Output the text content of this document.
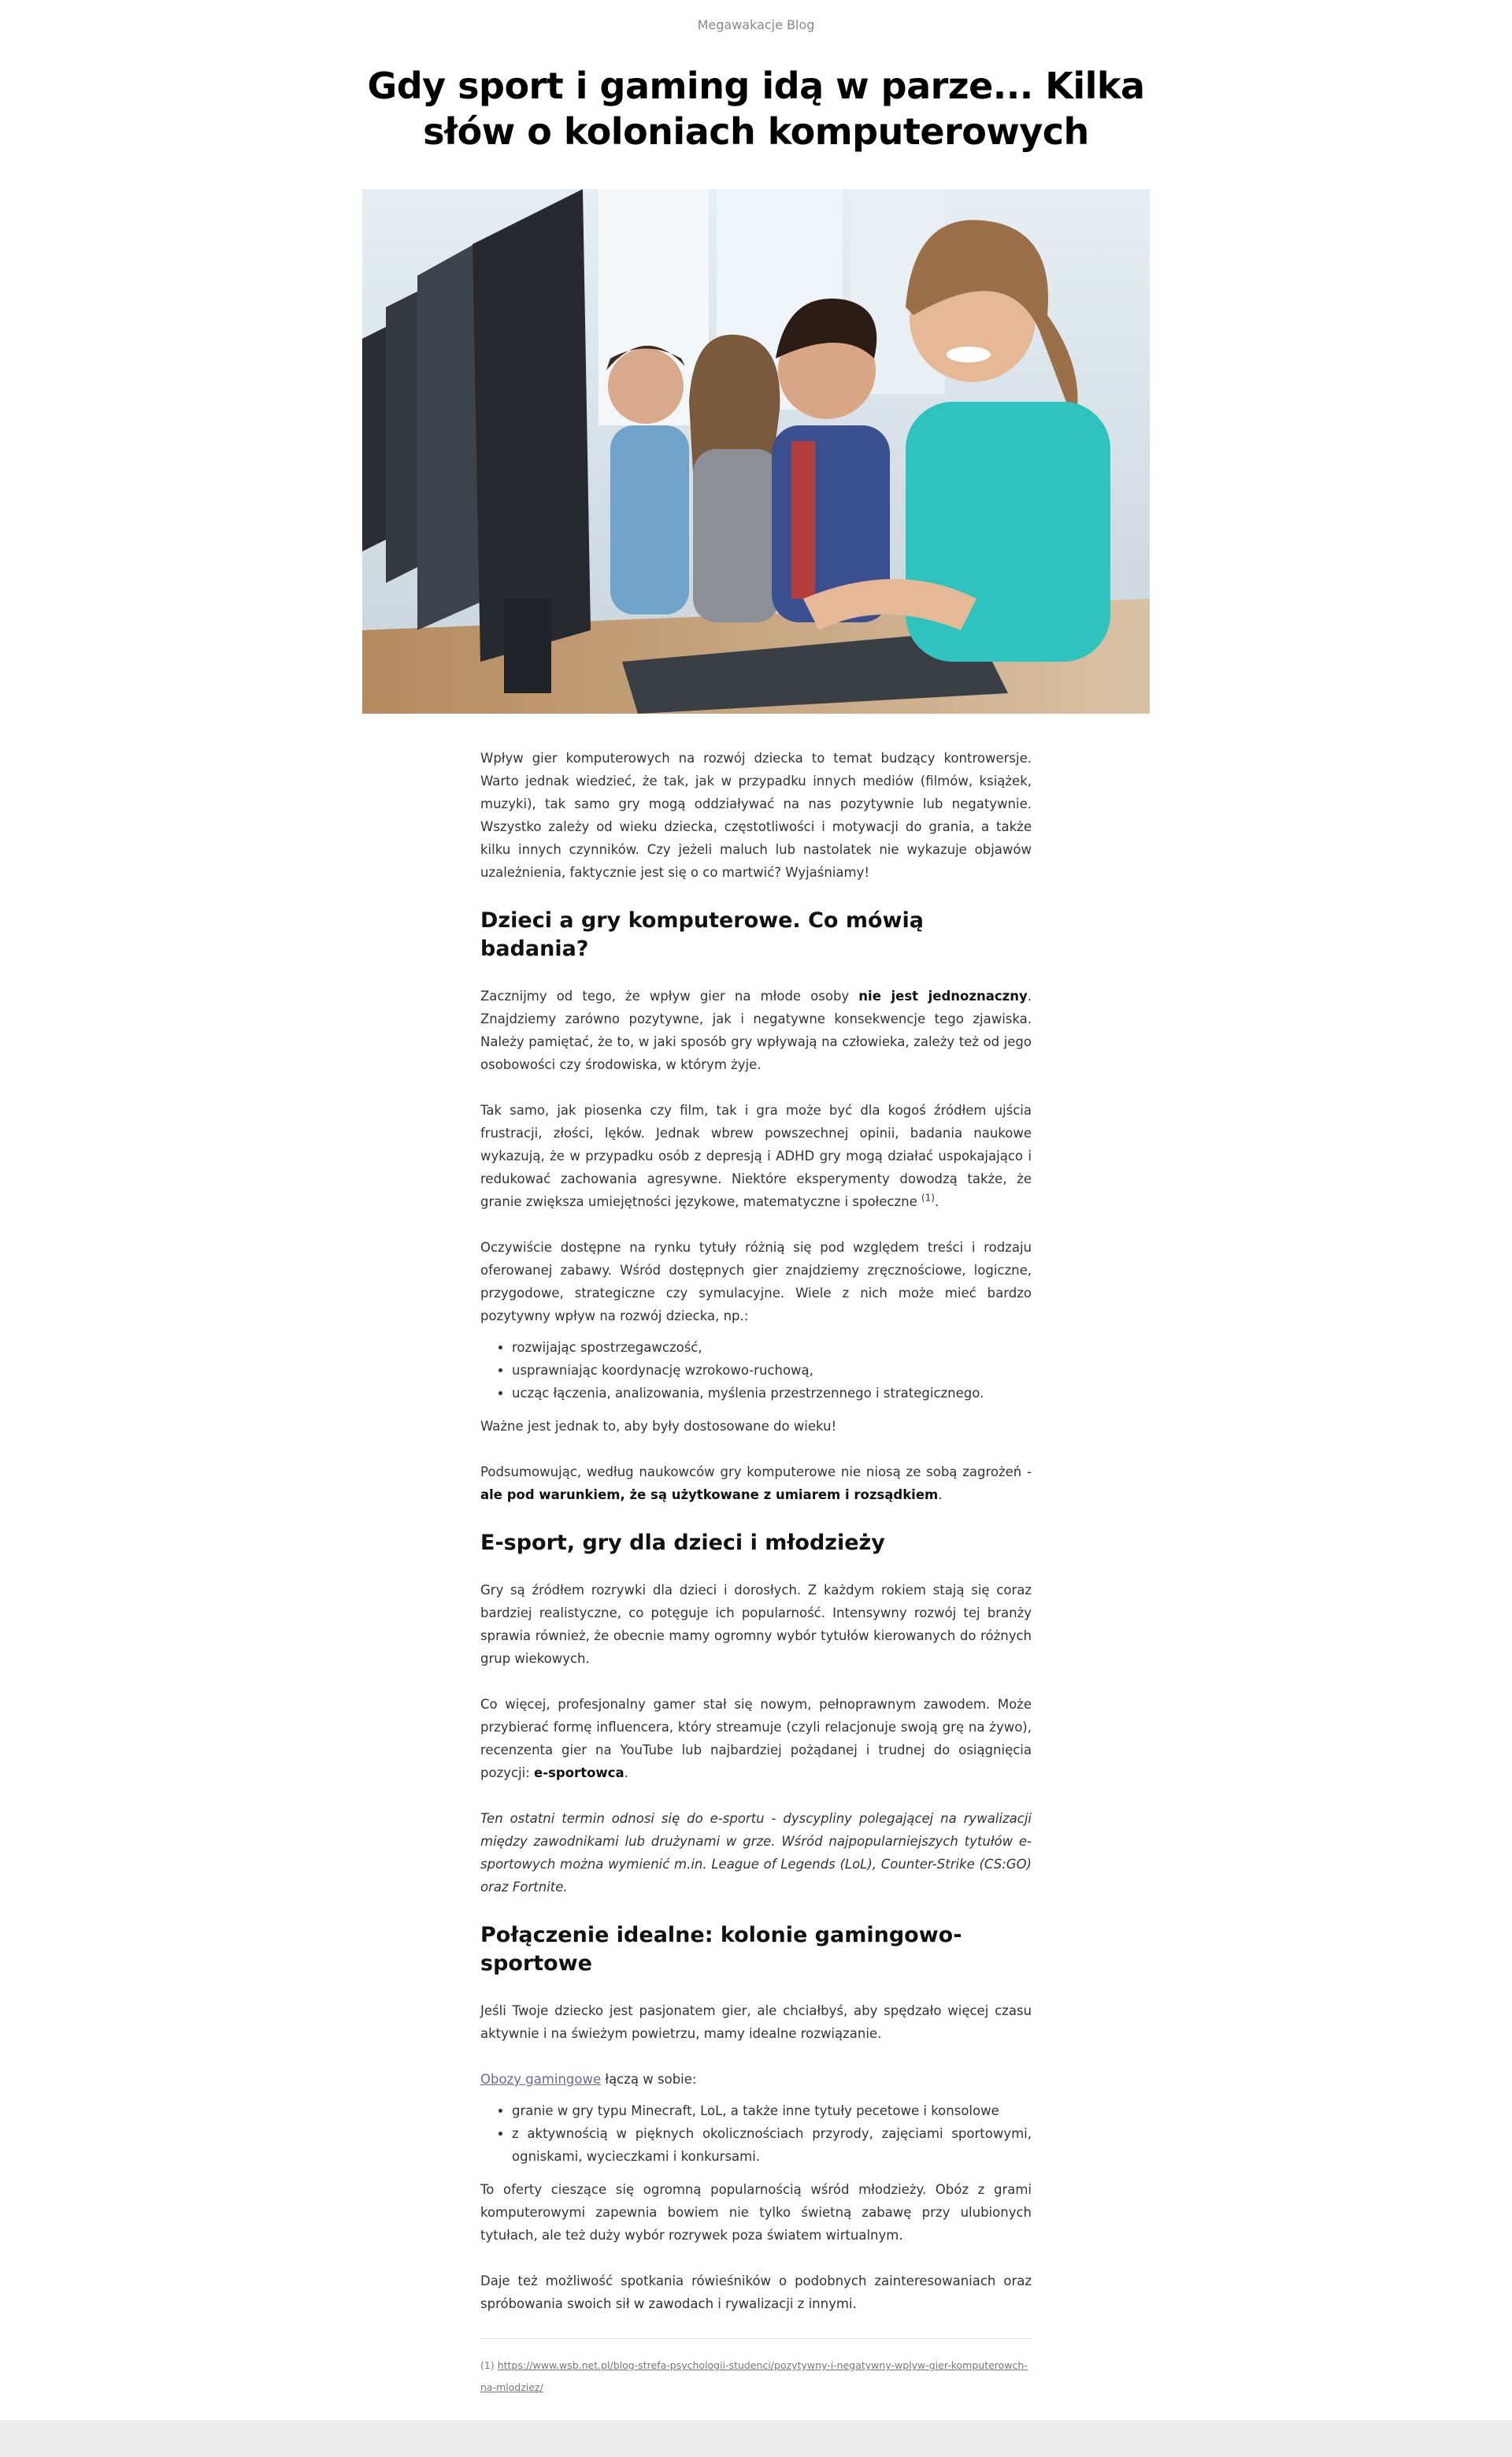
Megawakacje Blog
Gdy sport i gaming idą w parze... Kilka słów o koloniach komputerowych

Wpływ gier komputerowych na rozwój dziecka to temat budzący kontrowersje. Warto jednak wiedzieć, że tak, jak w przypadku innych mediów (filmów, książek, muzyki), tak samo gry mogą oddziaływać na nas pozytywnie lub negatywnie. Wszystko zależy od wieku dziecka, częstotliwości i motywacji do grania, a także kilku innych czynników. Czy jeżeli maluch lub nastolatek nie wykazuje objawów uzależnienia, faktycznie jest się o co martwić? Wyjaśniamy!

Dzieci a gry komputerowe. Co mówią badania?

Zacznijmy od tego, że wpływ gier na młode osoby nie jest jednoznaczny. Znajdziemy zarówno pozytywne, jak i negatywne konsekwencje tego zjawiska. Należy pamiętać, że to, w jaki sposób gry wpływają na człowieka, zależy też od jego osobowości czy środowiska, w którym żyje.

Tak samo, jak piosenka czy film, tak i gra może być dla kogoś źródłem ujścia frustracji, złości, lęków. Jednak wbrew powszechnej opinii, badania naukowe wykazują, że w przypadku osób z depresją i ADHD gry mogą działać uspokajająco i redukować zachowania agresywne. Niektóre eksperymenty dowodzą także, że granie zwiększa umiejętności językowe, matematyczne i społeczne $^{(1)}$.

Oczywiście dostępne na rynku tytuły różnią się pod względem treści i rodzaju oferowanej zabawy. Wśród dostępnych gier znajdziemy zręcznościowe, logiczne, przygodowe, strategiczne czy symulacyjne. Wiele z nich może mieć bardzo pozytywny wpływ na rozwój dziecka, np.:

• rozwijając spostrzegawczość,
• usprawniając koordynację wzrokowo-ruchową,
• ucząc łączenia, analizowania, myślenia przestrzennego i strategicznego.

Ważne jest jednak to, aby były dostosowane do wieku!

Podsumowując, według naukowców gry komputerowe nie niosą ze sobą zagrożeń - ale pod warunkiem, że są użytkowane z umiarem i rozsądkiem.

E-sport, gry dla dzieci i młodzieży

Gry są źródłem rozrywki dla dzieci i dorosłych. Z każdym rokiem stają się coraz bardziej realistyczne, co potęguje ich popularność. Intensywny rozwój tej branży sprawia również, że obecnie mamy ogromny wybór tytułów kierowanych do różnych grup wiekowych.

Co więcej, profesjonalny gamer stał się nowym, pełnoprawnym zawodem. Może przybierać formę influencera, który streamuje (czyli relacjonuje swoją grę na żywo), recenzenta gier na YouTube lub najbardziej pożądanej i trudnej do osiągnięcia pozycji: e-sportowca.

Ten ostatni termin odnosi się do e-sportu - dyscypliny polegającej na rywalizacji między zawodnikami lub drużynami w grze. Wśród najpopularniejszych tytułów e-sportowych można wymienić m.in. League of Legends (LoL), Counter-Strike (CS:GO) oraz Fortnite.

Połączenie idealne: kolonie gamingowo-sportowe

Jeśli Twoje dziecko jest pasjonatem gier, ale chciałbyś, aby spędzało więcej czasu aktywnie i na świeżym powietrzu, mamy idealne rozwiązanie.

Obozy gamingowe łączą w sobie:

• granie w gry typu Minecraft, LoL, a także inne tytuły pecetowe i konsolowe
• z aktywnością w pięknych okolicznościach przyrody, zajęciami sportowymi, ogniskami, wycieczkami i konkursami.

To oferty cieszące się ogromną popularnością wśród młodzieży. Obóz z grami komputerowymi zapewnia bowiem nie tylko świetną zabawę przy ulubionych tytułach, ale też duży wybór rozrywek poza światem wirtualnym.

Daje też możliwość spotkania rówieśników o podobnych zainteresowaniach oraz spróbowania swoich sił w zawodach i rywalizacji z innymi.

(1) https://www.wsb.net.pl/blog-strefa-psychologii-studenci/pozytywny-i-negatywny-wplyw-gier-komputerowch-na-mlodziez/
